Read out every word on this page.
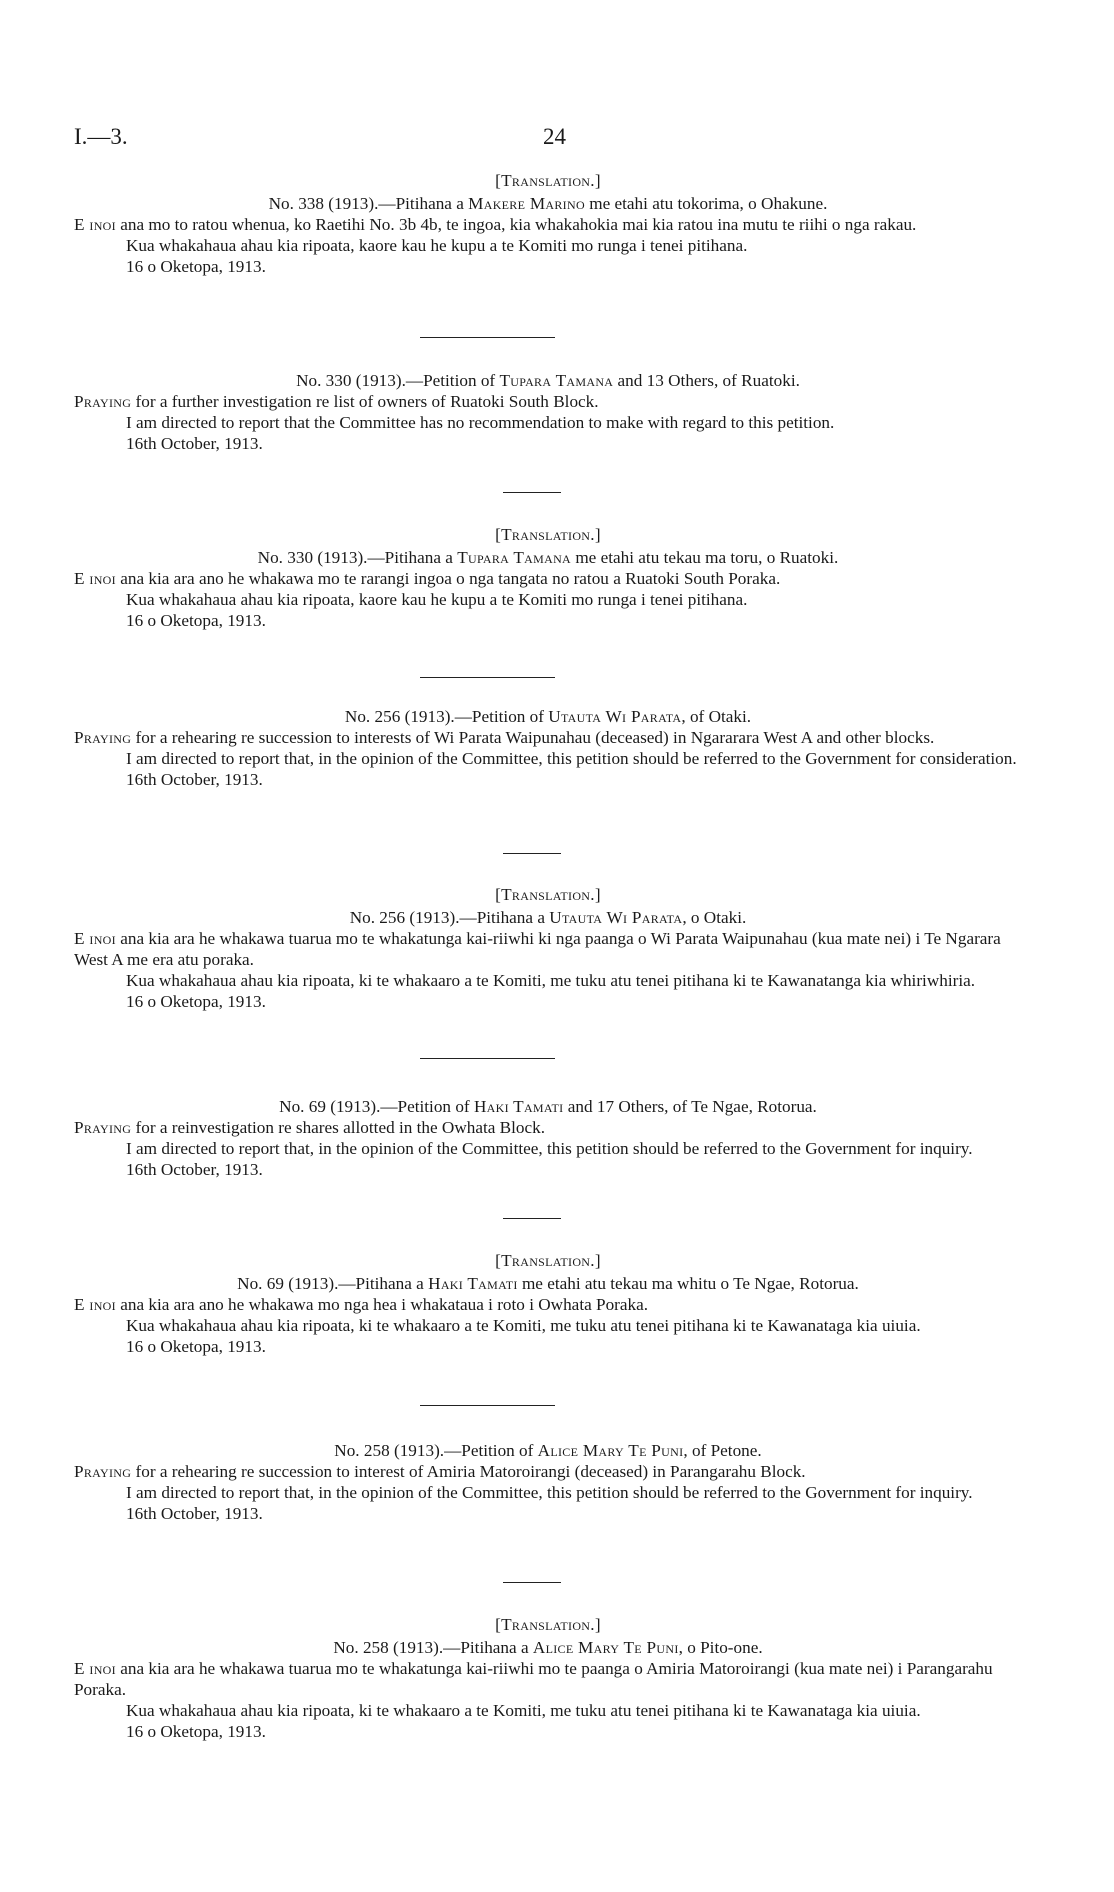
I.—3.	24
[Translation.]
No. 338 (1913).—Pitihana a Makere Marino me etahi atu tokorima, o Ohakune.
E inoi ana mo to ratou whenua, ko Raetihi No. 3b 4b, te ingoa, kia whakahokia mai kia ratou ina mutu te riihi o nga rakau.
Kua whakahaua ahau kia ripoata, kaore kau he kupu a te Komiti mo runga i tenei pitihana.
16 o Oketopa, 1913.
No. 330 (1913).—Petition of Tupara Tamana and 13 Others, of Ruatoki.
Praying for a further investigation re list of owners of Ruatoki South Block.
I am directed to report that the Committee has no recommendation to make with regard to this petition.
16th October, 1913.
[Translation.]
No. 330 (1913).—Pitihana a Tupara Tamana me etahi atu tekau ma toru, o Ruatoki.
E inoi ana kia ara ano he whakawa mo te rarangi ingoa o nga tangata no ratou a Ruatoki South Poraka.
Kua whakahaua ahau kia ripoata, kaore kau he kupu a te Komiti mo runga i tenei pitihana.
16 o Oketopa, 1913.
No. 256 (1913).—Petition of Utauta Wi Parata, of Otaki.
Praying for a rehearing re succession to interests of Wi Parata Waipunahau (deceased) in Ngararara West A and other blocks.
I am directed to report that, in the opinion of the Committee, this petition should be referred to the Government for consideration.
16th October, 1913.
[Translation.]
No. 256 (1913).—Pitihana a Utauta Wi Parata, o Otaki.
E inoi ana kia ara he whakawa tuarua mo te whakatunga kai-riiwhi ki nga paanga o Wi Parata Waipunahau (kua mate nei) i Te Ngarara West A me era atu poraka.
Kua whakahaua ahau kia ripoata, ki te whakaaro a te Komiti, me tuku atu tenei pitihana ki te Kawanatanga kia whiriwhiria.
16 o Oketopa, 1913.
No. 69 (1913).—Petition of Haki Tamati and 17 Others, of Te Ngae, Rotorua.
Praying for a reinvestigation re shares allotted in the Owhata Block.
I am directed to report that, in the opinion of the Committee, this petition should be referred to the Government for inquiry.
16th October, 1913.
[Translation.]
No. 69 (1913).—Pitihana a Haki Tamati me etahi atu tekau ma whitu o Te Ngae, Rotorua.
E inoi ana kia ara ano he whakawa mo nga hea i whakatauа i roto i Owhata Poraka.
Kua whakahaua ahau kia ripoata, ki te whakaaro a te Komiti, me tuku atu tenei pitihana ki te Kawanataga kia uiuia.
16 o Oketopa, 1913.
No. 258 (1913).—Petition of Alice Mary Te Puni, of Petone.
Praying for a rehearing re succession to interest of Amiria Matoroirangi (deceased) in Parangarahu Block.
I am directed to report that, in the opinion of the Committee, this petition should be referred to the Government for inquiry.
16th October, 1913.
[Translation.]
No. 258 (1913).—Pitihana a Alice Mary Te Puni, o Pito-one.
E inoi ana kia ara he whakawa tuarua mo te whakatunga kai-riiwhi mo te paanga o Amiria Matoroirangi (kua mate nei) i Parangarahu Poraka.
Kua whakahaua ahau kia ripoata, ki te whakaaro a te Komiti, me tuku atu tenei pitihana ki te Kawanataga kia uiuia.
16 o Oketopa, 1913.
